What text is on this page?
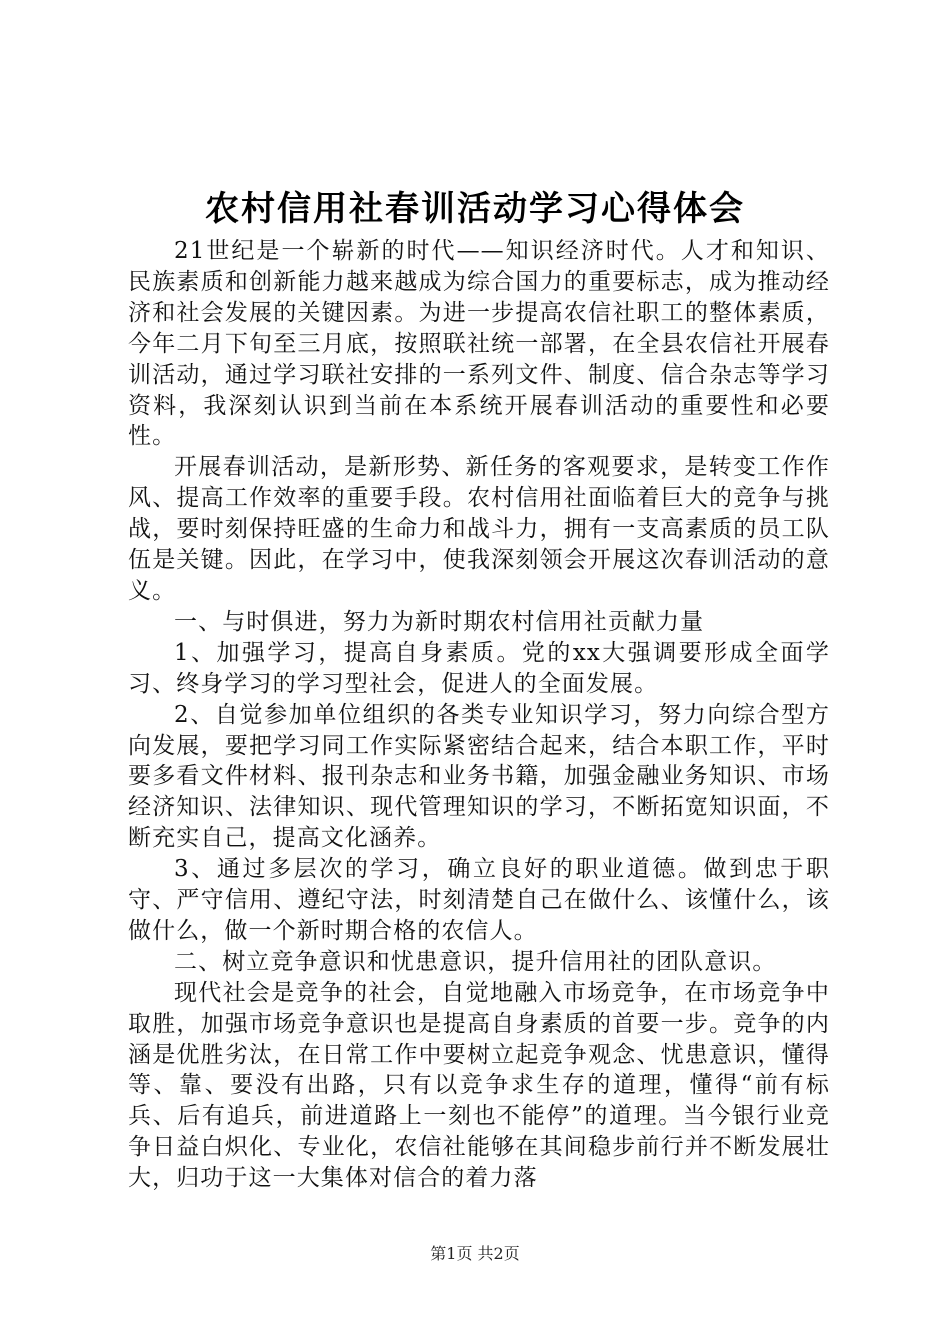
农村信用社春训活动学习心得体会

21世纪是一个崭新的时代——知识经济时代。人才和知识、民族素质和创新能力越来越成为综合国力的重要标志，成为推动经济和社会发展的关键因素。为进一步提高农信社职工的整体素质，今年二月下旬至三月底，按照联社统一部署，在全县农信社开展春训活动，通过学习联社安排的一系列文件、制度、信合杂志等学习资料，我深刻认识到当前在本系统开展春训活动的重要性和必要性。

开展春训活动，是新形势、新任务的客观要求，是转变工作作风、提高工作效率的重要手段。农村信用社面临着巨大的竞争与挑战，要时刻保持旺盛的生命力和战斗力，拥有一支高素质的员工队伍是关键。因此，在学习中，使我深刻领会开展这次春训活动的意义。

一、与时俱进，努力为新时期农村信用社贡献力量

1、加强学习，提高自身素质。党的xx大强调要形成全面学习、终身学习的学习型社会，促进人的全面发展。

2、自觉参加单位组织的各类专业知识学习，努力向综合型方向发展，要把学习同工作实际紧密结合起来，结合本职工作，平时要多看文件材料、报刊杂志和业务书籍，加强金融业务知识、市场经济知识、法律知识、现代管理知识的学习，不断拓宽知识面，不断充实自己，提高文化涵养。

3、通过多层次的学习，确立良好的职业道德。做到忠于职守、严守信用、遵纪守法，时刻清楚自己在做什么、该懂什么，该做什么，做一个新时期合格的农信人。

二、树立竞争意识和忧患意识，提升信用社的团队意识。

现代社会是竞争的社会，自觉地融入市场竞争，在市场竞争中取胜，加强市场竞争意识也是提高自身素质的首要一步。竞争的内涵是优胜劣汰，在日常工作中要树立起竞争观念、忧患意识，懂得等、靠、要没有出路，只有以竞争求生存的道理，懂得“前有标兵、后有追兵，前进道路上一刻也不能停”的道理。当今银行业竞争日益白炽化、专业化，农信社能够在其间稳步前行并不断发展壮大，归功于这一大集体对信合的着力落

第1页 共2页
